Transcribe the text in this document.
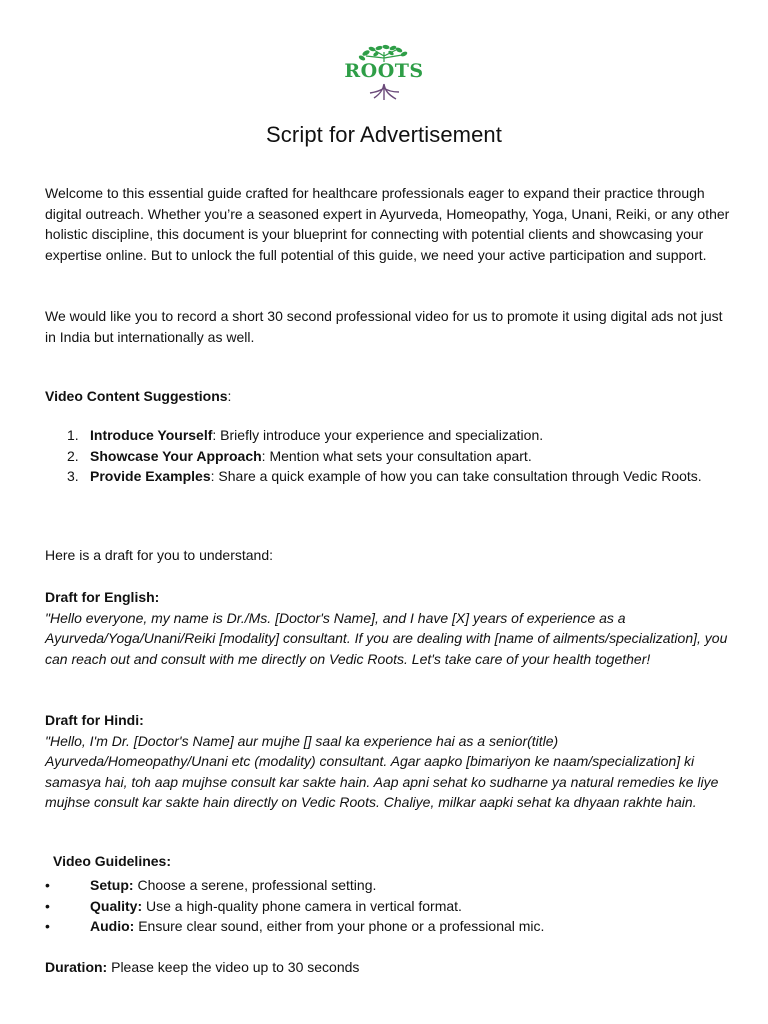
ROOTS
Script for Advertisement
Welcome to this essential guide crafted for healthcare professionals eager to expand their practice through digital outreach. Whether you’re a seasoned expert in Ayurveda, Homeopathy, Yoga, Unani, Reiki, or any other holistic discipline, this document is your blueprint for connecting with potential clients and showcasing your expertise online. But to unlock the full potential of this guide, we need your active participation and support.
We would like you to record a short 30 second professional video for us to promote it using digital ads not just in India but internationally as well.
Video Content Suggestions:
1. Introduce Yourself: Briefly introduce your experience and specialization.
2. Showcase Your Approach: Mention what sets your consultation apart.
3. Provide Examples: Share a quick example of how you can take consultation through Vedic Roots.
Here is a draft for you to understand:
Draft for English:
"Hello everyone, my name is Dr./Ms. [Doctor's Name], and I have [X] years of experience as a Ayurveda/Yoga/Unani/Reiki [modality] consultant. If you are dealing with [name of ailments/specialization], you can reach out and consult with me directly on Vedic Roots. Let's take care of your health together!
Draft for Hindi:
"Hello, I'm Dr. [Doctor's Name] aur mujhe [] saal ka experience hai as a senior(title) Ayurveda/Homeopathy/Unani etc (modality) consultant. Agar aapko [bimariyon ke naam/specialization] ki samasya hai, toh aap mujhse consult kar sakte hain. Aap apni sehat ko sudharne ya natural remedies ke liye mujhse consult kar sakte hain directly on Vedic Roots. Chaliye, milkar aapki sehat ka dhyaan rakhte hain.
Video Guidelines:
•	Setup: Choose a serene, professional setting.
•	Quality: Use a high-quality phone camera in vertical format.
•	Audio: Ensure clear sound, either from your phone or a professional mic.
Duration: Please keep the video up to 30 seconds
